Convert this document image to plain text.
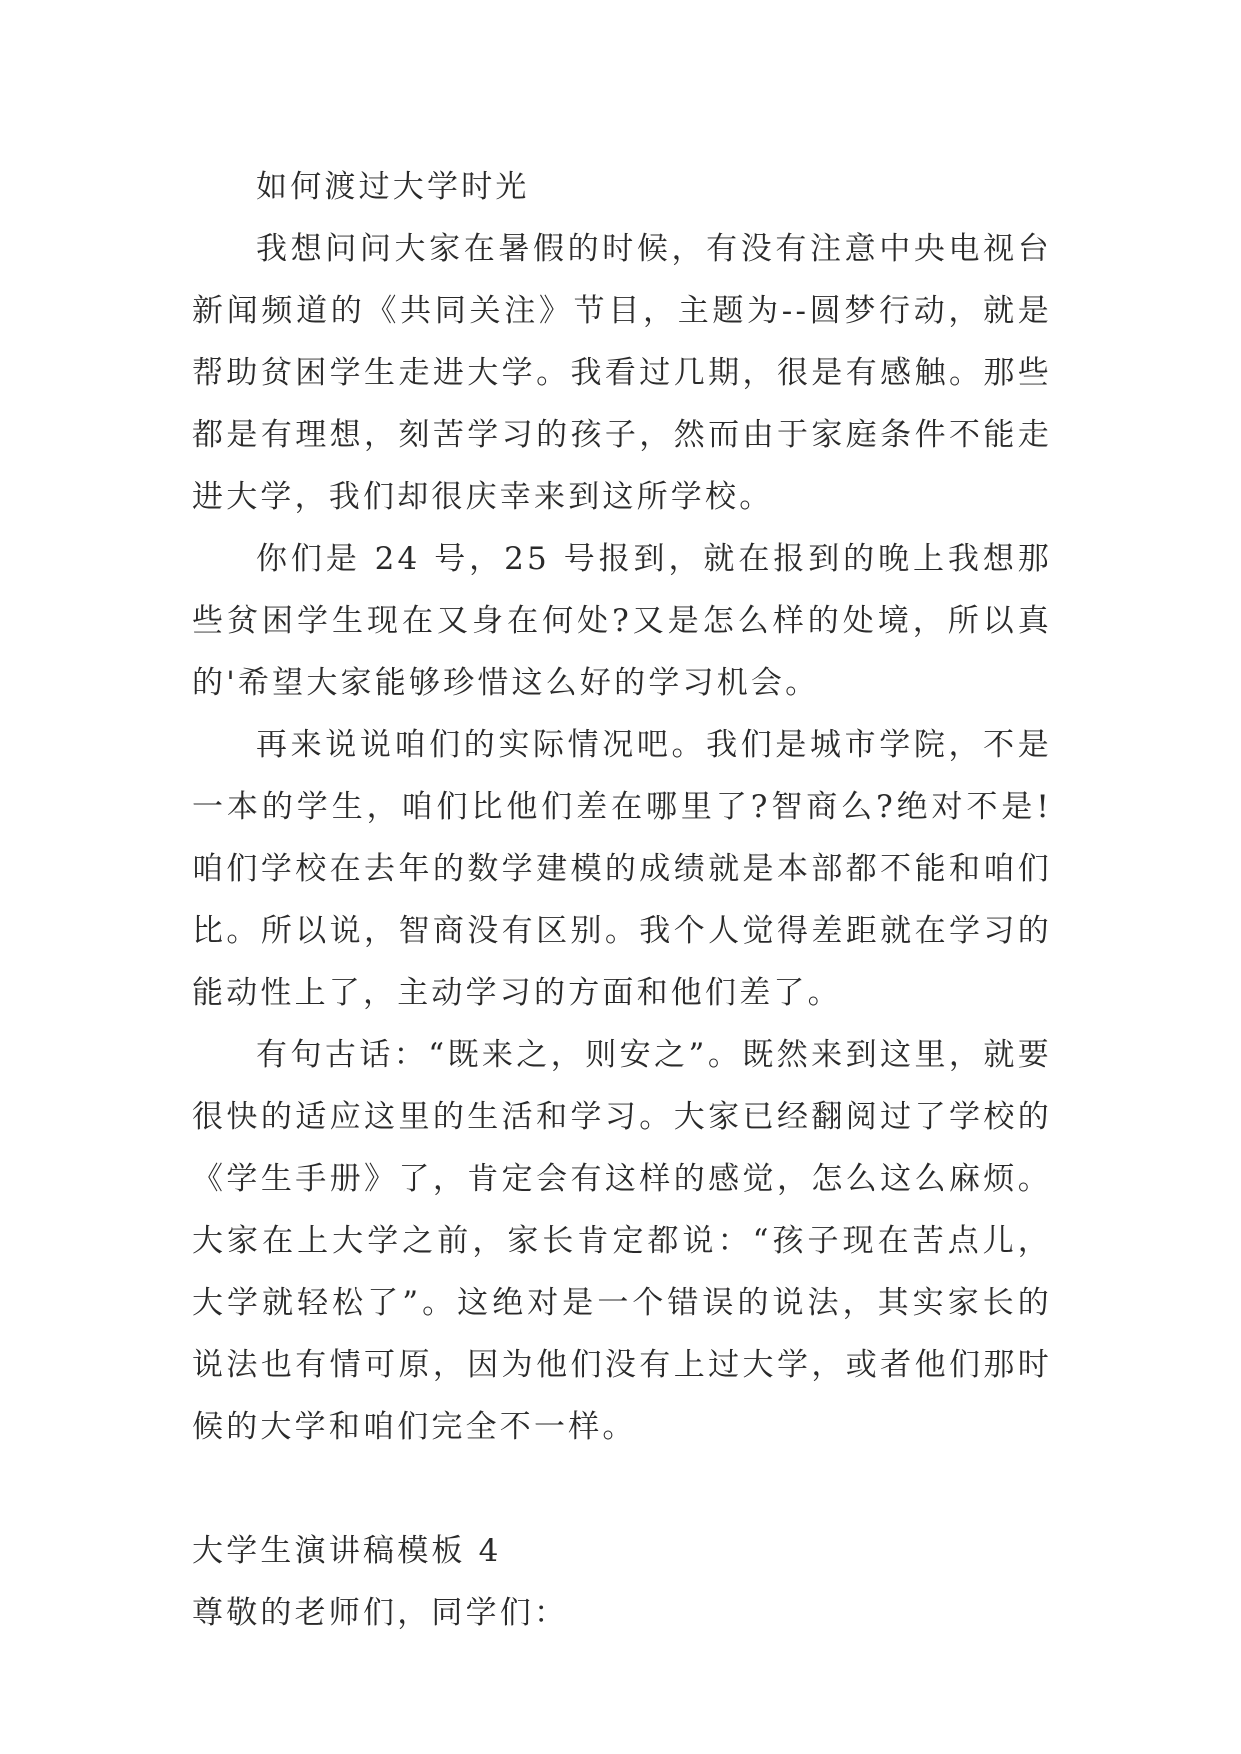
如何渡过大学时光

我想问问大家在暑假的时候，有没有注意中央电视台新闻频道的《共同关注》节目，主题为--圆梦行动，就是帮助贫困学生走进大学。我看过几期，很是有感触。那些都是有理想，刻苦学习的孩子，然而由于家庭条件不能走进大学，我们却很庆幸来到这所学校。

你们是 24 号，25 号报到，就在报到的晚上我想那些贫困学生现在又身在何处?又是怎么样的处境，所以真的'希望大家能够珍惜这么好的学习机会。

再来说说咱们的实际情况吧。我们是城市学院，不是一本的学生，咱们比他们差在哪里了?智商么?绝对不是!咱们学校在去年的数学建模的成绩就是本部都不能和咱们比。所以说，智商没有区别。我个人觉得差距就在学习的能动性上了，主动学习的方面和他们差了。

有句古话：“既来之，则安之”。既然来到这里，就要很快的适应这里的生活和学习。大家已经翻阅过了学校的《学生手册》了，肯定会有这样的感觉，怎么这么麻烦。大家在上大学之前，家长肯定都说：“孩子现在苦点儿，大学就轻松了”。这绝对是一个错误的说法，其实家长的说法也有情可原，因为他们没有上过大学，或者他们那时候的大学和咱们完全不一样。

大学生演讲稿模板 4

尊敬的老师们，同学们：
